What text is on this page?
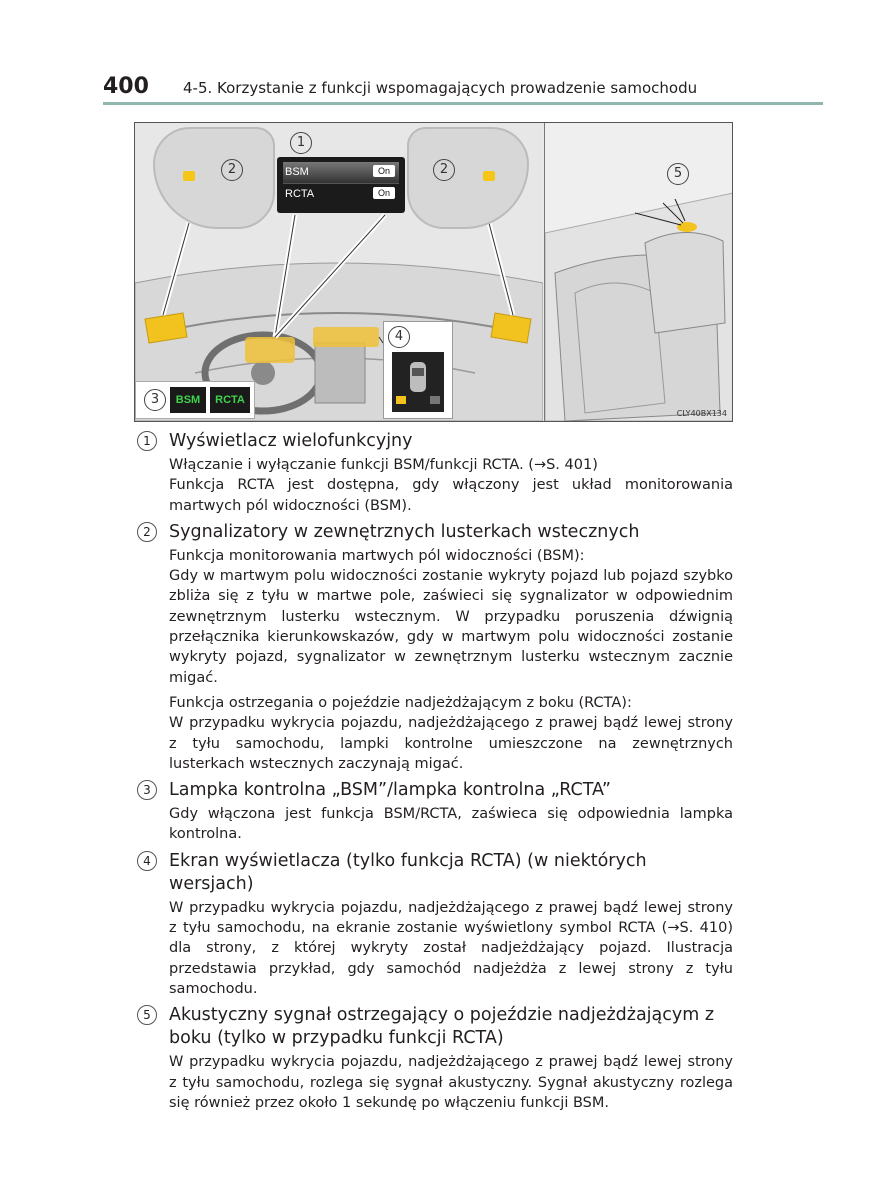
400 4-5. Korzystanie z funkcji wspomagających prowadzenie samochodu
BSM	On
RCTA	On
1
2	2
3	BSM	RCTA
4
5
CLY40BX134
1	Wyświetlacz wielofunkcyjny
Włączanie i wyłączanie funkcji BSM/funkcji RCTA. (→S. 401)
Funkcja RCTA jest dostępna, gdy włączony jest układ monitorowania martwych pól widoczności (BSM).
2	Sygnalizatory w zewnętrznych lusterkach wstecznych
Funkcja monitorowania martwych pól widoczności (BSM):
Gdy w martwym polu widoczności zostanie wykryty pojazd lub pojazd szybko zbliża się z tyłu w martwe pole, zaświeci się sygnalizator w odpowiednim zewnętrznym lusterku wstecznym. W przypadku poruszenia dźwignią przełącznika kierunkowskazów, gdy w martwym polu widoczności zostanie wykryty pojazd, sygnalizator w zewnętrznym lusterku wstecznym zacznie migać.
Funkcja ostrzegania o pojeździe nadjeżdżającym z boku (RCTA):
W przypadku wykrycia pojazdu, nadjeżdżającego z prawej bądź lewej strony z tyłu samochodu, lampki kontrolne umieszczone na zewnętrznych lusterkach wstecznych zaczynają migać.
3	Lampka kontrolna „BSM”/lampka kontrolna „RCTA”
Gdy włączona jest funkcja BSM/RCTA, zaświeca się odpowiednia lampka kontrolna.
4	Ekran wyświetlacza (tylko funkcja RCTA) (w niektórych wersjach)
W przypadku wykrycia pojazdu, nadjeżdżającego z prawej bądź lewej strony z tyłu samochodu, na ekranie zostanie wyświetlony symbol RCTA (→S. 410) dla strony, z której wykryty został nadjeżdżający pojazd. Ilustracja przedstawia przykład, gdy samochód nadjeżdża z lewej strony z tyłu samochodu.
5	Akustyczny sygnał ostrzegający o pojeździe nadjeżdżającym z boku (tylko w przypadku funkcji RCTA)
W przypadku wykrycia pojazdu, nadjeżdżającego z prawej bądź lewej strony z tyłu samochodu, rozlega się sygnał akustyczny. Sygnał akustyczny rozlega się również przez około 1 sekundę po włączeniu funkcji BSM.
